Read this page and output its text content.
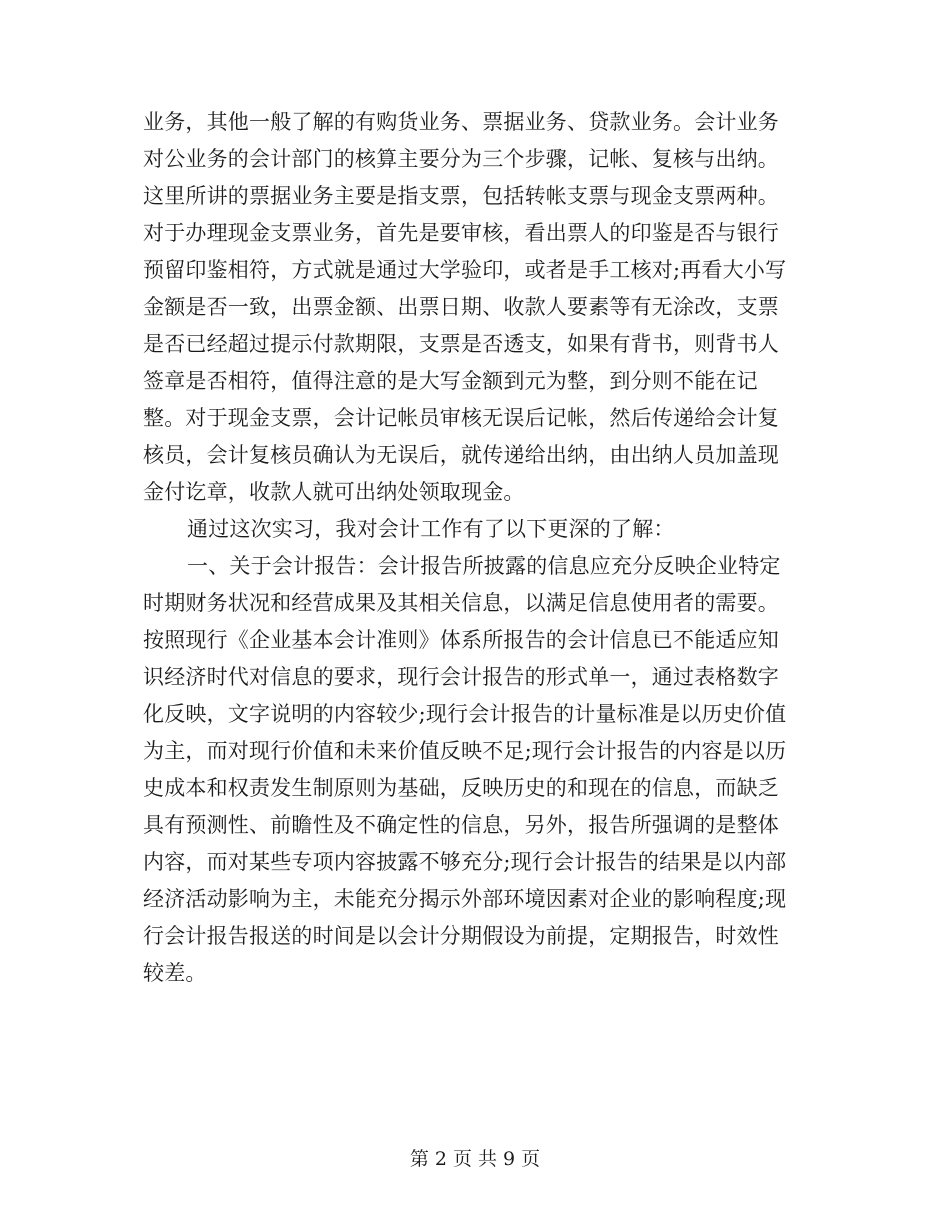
业务，其他一般了解的有购货业务、票据业务、贷款业务。会计业务
对公业务的会计部门的核算主要分为三个步骤，记帐、复核与出纳。
这里所讲的票据业务主要是指支票，包括转帐支票与现金支票两种。
对于办理现金支票业务，首先是要审核，看出票人的印鉴是否与银行
预留印鉴相符，方式就是通过大学验印，或者是手工核对;再看大小写
金额是否一致，出票金额、出票日期、收款人要素等有无涂改，支票
是否已经超过提示付款期限，支票是否透支，如果有背书，则背书人
签章是否相符，值得注意的是大写金额到元为整，到分则不能在记
整。对于现金支票，会计记帐员审核无误后记帐，然后传递给会计复
核员，会计复核员确认为无误后，就传递给出纳，由出纳人员加盖现
金付讫章，收款人就可出纳处领取现金。
通过这次实习，我对会计工作有了以下更深的了解：
一、关于会计报告：会计报告所披露的信息应充分反映企业特定
时期财务状况和经营成果及其相关信息，以满足信息使用者的需要。
按照现行《企业基本会计准则》体系所报告的会计信息已不能适应知
识经济时代对信息的要求，现行会计报告的形式单一，通过表格数字
化反映，文字说明的内容较少;现行会计报告的计量标准是以历史价值
为主，而对现行价值和未来价值反映不足;现行会计报告的内容是以历
史成本和权责发生制原则为基础，反映历史的和现在的信息，而缺乏
具有预测性、前瞻性及不确定性的信息，另外，报告所强调的是整体
内容，而对某些专项内容披露不够充分;现行会计报告的结果是以内部
经济活动影响为主，未能充分揭示外部环境因素对企业的影响程度;现
行会计报告报送的时间是以会计分期假设为前提，定期报告，时效性
较差。
第 2 页 共 9 页
